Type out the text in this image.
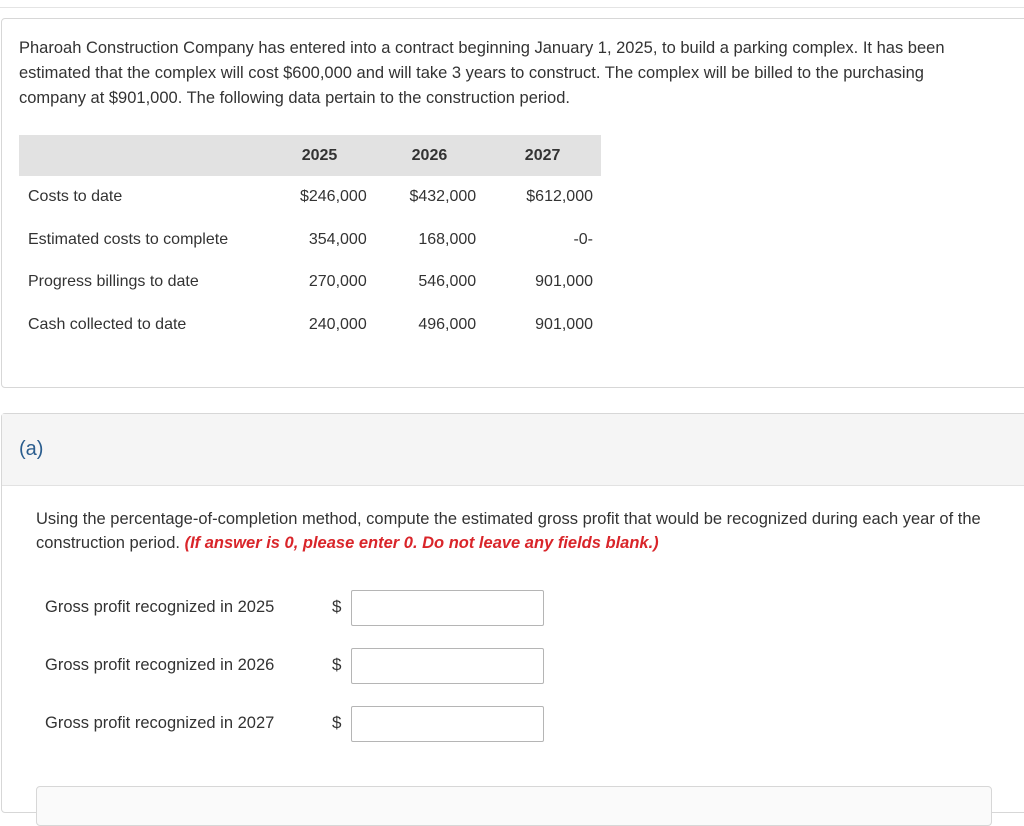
Pharoah Construction Company has entered into a contract beginning January 1, 2025, to build a parking complex. It has been estimated that the complex will cost $600,000 and will take 3 years to construct. The complex will be billed to the purchasing company at $901,000. The following data pertain to the construction period.

	2025	2026	2027
Costs to date	$246,000	$432,000	$612,000
Estimated costs to complete	354,000	168,000	-0-
Progress billings to date	270,000	546,000	901,000
Cash collected to date	240,000	496,000	901,000
(a)

Using the percentage-of-completion method, compute the estimated gross profit that would be recognized during each year of the construction period. (If answer is 0, please enter 0. Do not leave any fields blank.)

Gross profit recognized in 2025	$
Gross profit recognized in 2026	$
Gross profit recognized in 2027	$
